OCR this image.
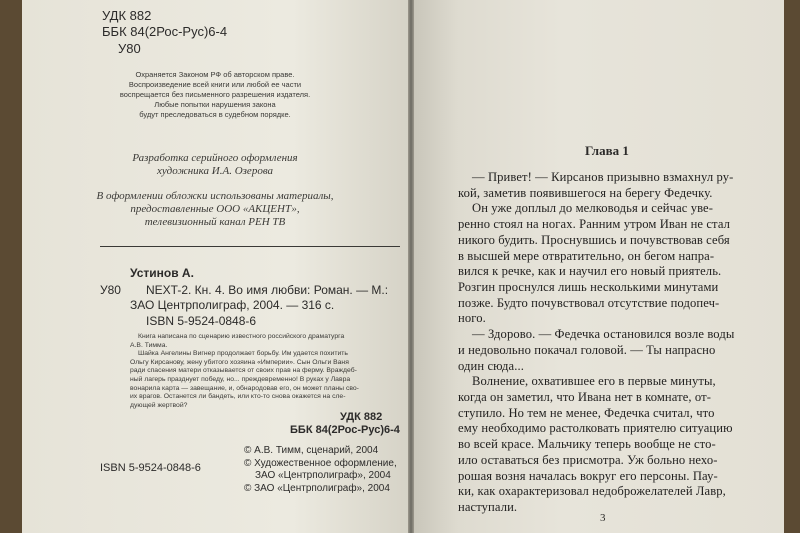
УДК 882
ББК 84(2Рос-Рус)6-4
У80
Охраняется Законом РФ об авторском праве.
Воспроизведение всей книги или любой ее части
воспрещается без письменного разрешения издателя.
Любые попытки нарушения закона
будут преследоваться в судебном порядке.
Разработка серийного оформления
художника И.А. Озерова
В оформлении обложки использованы материалы,
предоставленные ООО «АКЦЕНТ»,
телевизионный канал РЕН ТВ
Устинов А.
У80 NEXT-2. Кн. 4. Во имя любви: Роман. — М.:
ЗАО Центрполиграф, 2004. — 316 с.
ISBN 5-9524-0848-6
Книга написана по сценарию известного российского драматурга
А.В. Тимма.
Шайка Ангелины Вигнер продолжает борьбу. Им удается похитить
Ольгу Кирсанову, жену убитого хозяина «Империи». Сын Ольги Ваня
ради спасения матери отказывается от своих прав на ферму. Враждеб-
ный лагерь празднует победу, но... преждевременно! В руках у Лавра
вонарилa карта — завещание, и, обнародовав его, он может планы сво-
их врагов. Останется ли бандеть, или кто-то снова окажется на сле-
дующей жертвой?
УДК 882
ББК 84(2Рос-Рус)6-4
© А.В. Тимм, сценарий, 2004
© Художественное оформление,
ЗАО «Центрполиграф», 2004
© ЗАО «Центрполиграф», 2004
ISBN 5-9524-0848-6
Глава 1
— Привет! — Кирсанов призывно взмахнул ру-
кой, заметив появившегося на берегу Федечку.
Он уже доплыл до мелководья и сейчас уве-
ренно стоял на ногах. Ранним утром Иван не стал
никого будить. Проснувшись и почувствовав себя
в высшей мере отвратительно, он бегом напра-
вился к речке, как и научил его новый приятель.
Розгин проснулся лишь несколькими минутами
позже. Будто почувствовал отсутствие подопеч-
ного.
— Здорово. — Федечка остановился возле воды
и недовольно покачал головой. — Ты напрасно
один сюда...
Волнение, охватившее его в первые минуты,
когда он заметил, что Ивана нет в комнате, от-
ступило. Но тем не менее, Федечка считал, что
ему необходимо растолковать приятелю ситуацию
во всей красе. Мальчику теперь вообще не сто-
ило оставаться без присмотра. Уж больно нехо-
рошая возня началась вокруг его персоны. Пау-
ки, как охарактеризовал недоброжелателей Лавр,
наступали.
3
